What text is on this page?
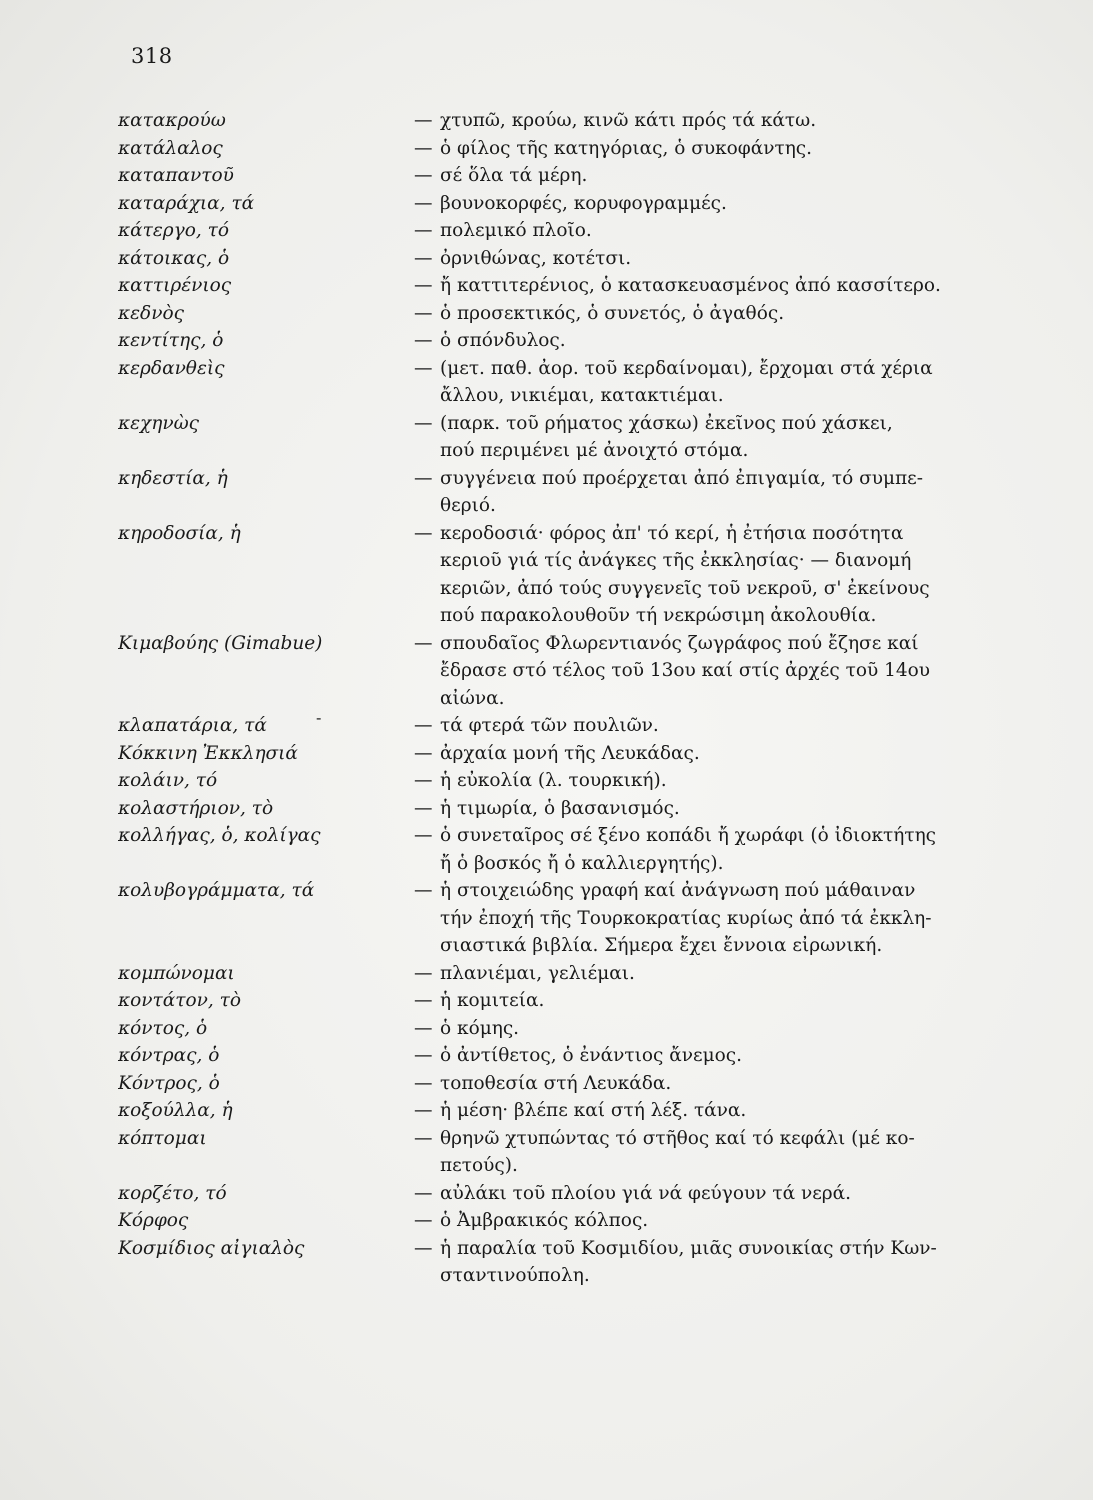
318
-
κατακρούω	— χτυπῶ, κρούω, κινῶ κάτι πρός τά κάτω.
κατάλαλος	— ὁ φίλος τῆς κατηγόριας, ὁ συκοφάντης.
καταπαντοῦ	— σέ ὅλα τά μέρη.
καταράχια, τά	— βουνοκορφές, κορυφογραμμές.
κάτεργο, τό	— πολεμικό πλοῖο.
κάτοικας, ὁ	— ὀρνιθώνας, κοτέτσι.
καττιρένιος	— ἤ καττιτερένιος, ὁ κατασκευασμένος ἀπό κασσίτερο.
κεδνὸς	— ὁ προσεκτικός, ὁ συνετός, ὁ ἀγαθός.
κεντίτης, ὁ	— ὁ σπόνδυλος.
κερδανθεὶς	— (μετ. παθ. ἀορ. τοῦ κερδαίνομαι), ἔρχομαι στά χέρια
ἄλλου, νικιέμαι, κατακτιέμαι.
κεχηνὼς	— (παρκ. τοῦ ρήματος χάσκω) ἐκεῖνος πού χάσκει,
πού περιμένει μέ ἀνοιχτό στόμα.
κηδεστία, ἡ	— συγγένεια πού προέρχεται ἀπό ἐπιγαμία, τό συμπε-
θεριό.
κηροδοσία, ἡ	— κεροδοσιά· φόρος ἀπ' τό κερί, ἡ ἐτήσια ποσότητα
κεριοῦ γιά τίς ἀνάγκες τῆς ἐκκλησίας· — διανομή
κεριῶν, ἀπό τούς συγγενεῖς τοῦ νεκροῦ, σ' ἐκείνους
πού παρακολουθοῦν τή νεκρώσιμη ἀκολουθία.
Κιμαβούης (Gimabue)	— σπουδαῖος Φλωρεντιανός ζωγράφος πού ἔζησε καί
ἔδρασε στό τέλος τοῦ 13ου καί στίς ἀρχές τοῦ 14ου
αἰώνα.
κλαπατάρια, τά	— τά φτερά τῶν πουλιῶν.
Κόκκινη Ἐκκλησιά	— ἀρχαία μονή τῆς Λευκάδας.
κολάιν, τό	— ἡ εὐκολία (λ. τουρκική).
κολαστήριον, τὸ	— ἡ τιμωρία, ὁ βασανισμός.
κολλήγας, ὁ, κολίγας	— ὁ συνεταῖρος σέ ξένο κοπάδι ἤ χωράφι (ὁ ἰδιοκτήτης
ἤ ὁ βοσκός ἤ ὁ καλλιεργητής).
κολυβογράμματα, τά	— ἡ στοιχειώδης γραφή καί ἀνάγνωση πού μάθαιναν
τήν ἐποχή τῆς Τουρκοκρατίας κυρίως ἀπό τά ἐκκλη-
σιαστικά βιβλία. Σήμερα ἔχει ἔννοια εἰρωνική.
κομπώνομαι	— πλανιέμαι, γελιέμαι.
κοντάτον, τὸ	— ἡ κομιτεία.
κόντος, ὁ	— ὁ κόμης.
κόντρας, ὁ	— ὁ ἀντίθετος, ὁ ἐνάντιος ἄνεμος.
Κόντρος, ὁ	— τοποθεσία στή Λευκάδα.
κοξούλλα, ἡ	— ἡ μέση· βλέπε καί στή λέξ. τάνα.
κόπτομαι	— θρηνῶ χτυπώντας τό στῆθος καί τό κεφάλι (μέ κο-
πετούς).
κορζέτο, τό	— αὐλάκι τοῦ πλοίου γιά νά φεύγουν τά νερά.
Κόρφος	— ὁ Ἀμβρακικός κόλπος.
Κοσμίδιος αἰγιαλὸς	— ἡ παραλία τοῦ Κοσμιδίου, μιᾶς συνοικίας στήν Κων-
σταντινούπολη.
